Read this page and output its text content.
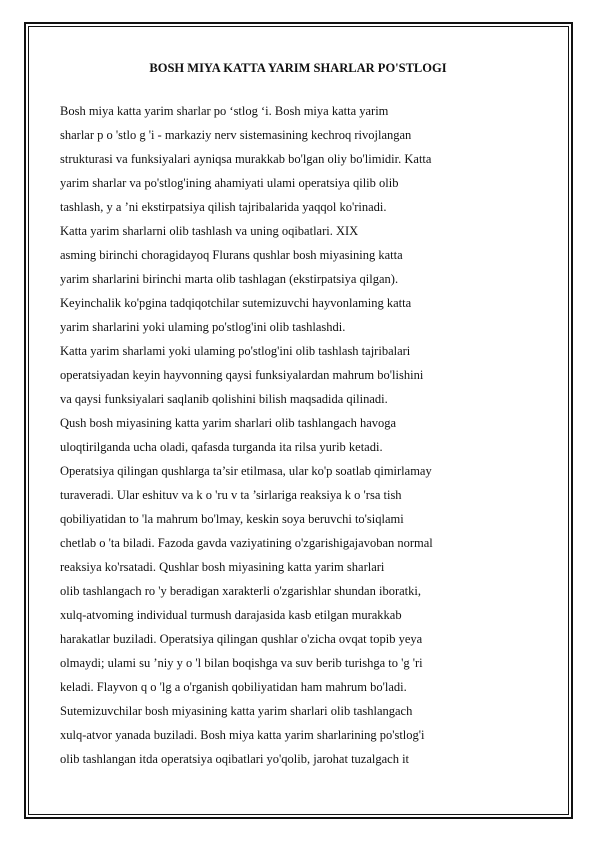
BOSH MIYA KATTA YARIM SHARLAR PO'STLOGI
Bosh miya katta yarim sharlar po ‘stlog ‘i. Bosh miya katta yarim
sharlar p o 'stlo g 'i - markaziy nerv sistemasining kechroq rivojlangan
strukturasi va funksiyalari ayniqsa murakkab bo'lgan oliy bo'limidir. Katta
yarim sharlar va po'stlog'ining ahamiyati ulami operatsiya qilib olib
tashlash, y a ’ni ekstirpatsiya qilish tajribalarida yaqqol ko'rinadi.
Katta yarim sharlarni olib tashlash va uning oqibatlari. XIX
asming birinchi choragidayoq Flurans qushlar bosh miyasining katta
yarim sharlarini birinchi marta olib tashlagan (ekstirpatsiya qilgan).
Keyinchalik ko'pgina tadqiqotchilar sutemizuvchi hayvonlaming katta
yarim sharlarini yoki ulaming po'stlog'ini olib tashlashdi.
Katta yarim sharlami yoki ulaming po'stlog'ini olib tashlash tajribalari
operatsiyadan keyin hayvonning qaysi funksiyalardan mahrum bo'lishini
va qaysi funksiyalari saqlanib qolishini bilish maqsadida qilinadi.
Qush bosh miyasining katta yarim sharlari olib tashlangach havoga
uloqtirilganda ucha oladi, qafasda turganda ita rilsa yurib ketadi.
Operatsiya qilingan qushlarga ta’sir etilmasa, ular ko'p soatlab qimirlamay
turaveradi. Ular eshituv va k o 'ru v ta ’sirlariga reaksiya k o 'rsa tish
qobiliyatidan to 'la mahrum bo'lmay, keskin soya beruvchi to'siqlami
chetlab o 'ta biladi. Fazoda gavda vaziyatining o'zgarishigajavoban normal
reaksiya ko'rsatadi. Qushlar bosh miyasining katta yarim sharlari
olib tashlangach ro 'y beradigan xarakterli o'zgarishlar shundan iboratki,
xulq-atvoming individual turmush darajasida kasb etilgan murakkab
harakatlar buziladi. Operatsiya qilingan qushlar o'zicha ovqat topib yeya
olmaydi; ulami su ’niy y o 'l bilan boqishga va suv berib turishga to 'g 'ri
keladi. Flayvon q o 'lg a o'rganish qobiliyatidan ham mahrum bo'ladi.
Sutemizuvchilar bosh miyasining katta yarim sharlari olib tashlangach
xulq-atvor yanada buziladi. Bosh miya katta yarim sharlarining po'stlog'i
olib tashlangan itda operatsiya oqibatlari yo'qolib, jarohat tuzalgach it
